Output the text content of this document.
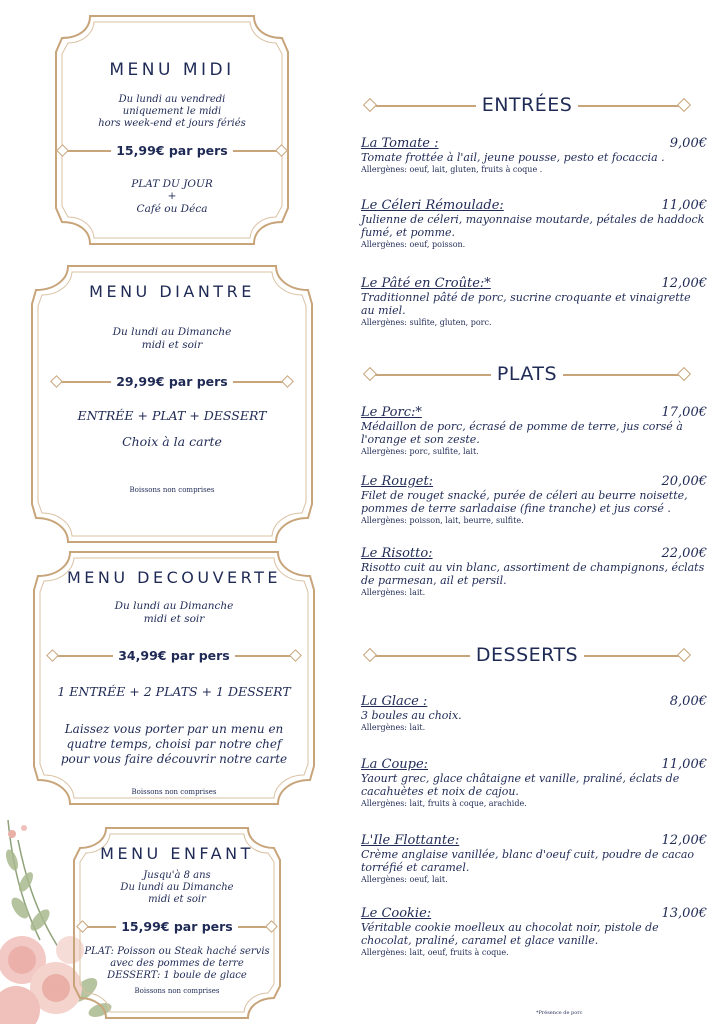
MENU MIDI
Du lundi au vendredi
uniquement le midi
hors week-end et jours fériés
15,99€ par pers
PLAT DU JOUR
+
Café ou Déca
MENU DIANTRE
Du lundi au Dimanche
midi et soir
29,99€ par pers
ENTRÉE + PLAT + DESSERT
Choix à la carte
Boissons non comprises
MENU DECOUVERTE
Du lundi au Dimanche
midi et soir
34,99€ par pers
1 ENTRÉE + 2 PLATS + 1 DESSERT
Laissez vous porter par un menu en
quatre temps, choisi par notre chef
pour vous faire découvrir notre carte
Boissons non comprises
MENU ENFANT
Jusqu'à 8 ans
Du lundi au Dimanche
midi et soir
15,99€ par pers
PLAT: Poisson ou Steak haché servis
avec des pommes de terre
DESSERT: 1 boule de glace
Boissons non comprises
ENTRÉES
La Tomate :	9,00€
Tomate frottée à l'ail, jeune pousse, pesto et focaccia .
Allergènes: oeuf, lait, gluten, fruits à coque .
Le Céleri Rémoulade:	11,00€
Julienne de céleri, mayonnaise moutarde, pétales de haddock fumé, et pomme.
Allergènes: oeuf, poisson.
Le Pâté en Croûte:*	12,00€
Traditionnel pâté de porc, sucrine croquante et vinaigrette au miel.
Allergènes: sulfite, gluten, porc.
PLATS
Le Porc:*	17,00€
Médaillon de porc, écrasé de pomme de terre, jus corsé à l'orange et son zeste.
Allergènes: porc, sulfite, lait.
Le Rouget:	20,00€
Filet de rouget snacké, purée de céleri au beurre noisette, pommes de terre sarladaise (fine tranche) et jus corsé .
Allergènes: poisson, lait, beurre, sulfite.
Le Risotto:	22,00€
Risotto cuit au vin blanc, assortiment de champignons, éclats de parmesan, ail et persil.
Allergènes: lait.
DESSERTS
La Glace :	8,00€
3 boules au choix.
Allergènes: lait.
La Coupe:	11,00€
Yaourt grec, glace châtaigne et vanille, praliné, éclats de cacahuètes et noix de cajou.
Allergènes: lait, fruits à coque, arachide.
L'Ile Flottante:	12,00€
Crème anglaise vanillée, blanc d'oeuf cuit, poudre de cacao torréfié et caramel.
Allergènes: oeuf, lait.
Le Cookie:	13,00€
Véritable cookie moelleux au chocolat noir, pistole de chocolat, praliné, caramel et glace vanille.
Allergènes: lait, oeuf, fruits à coque.
*Présence de porc
